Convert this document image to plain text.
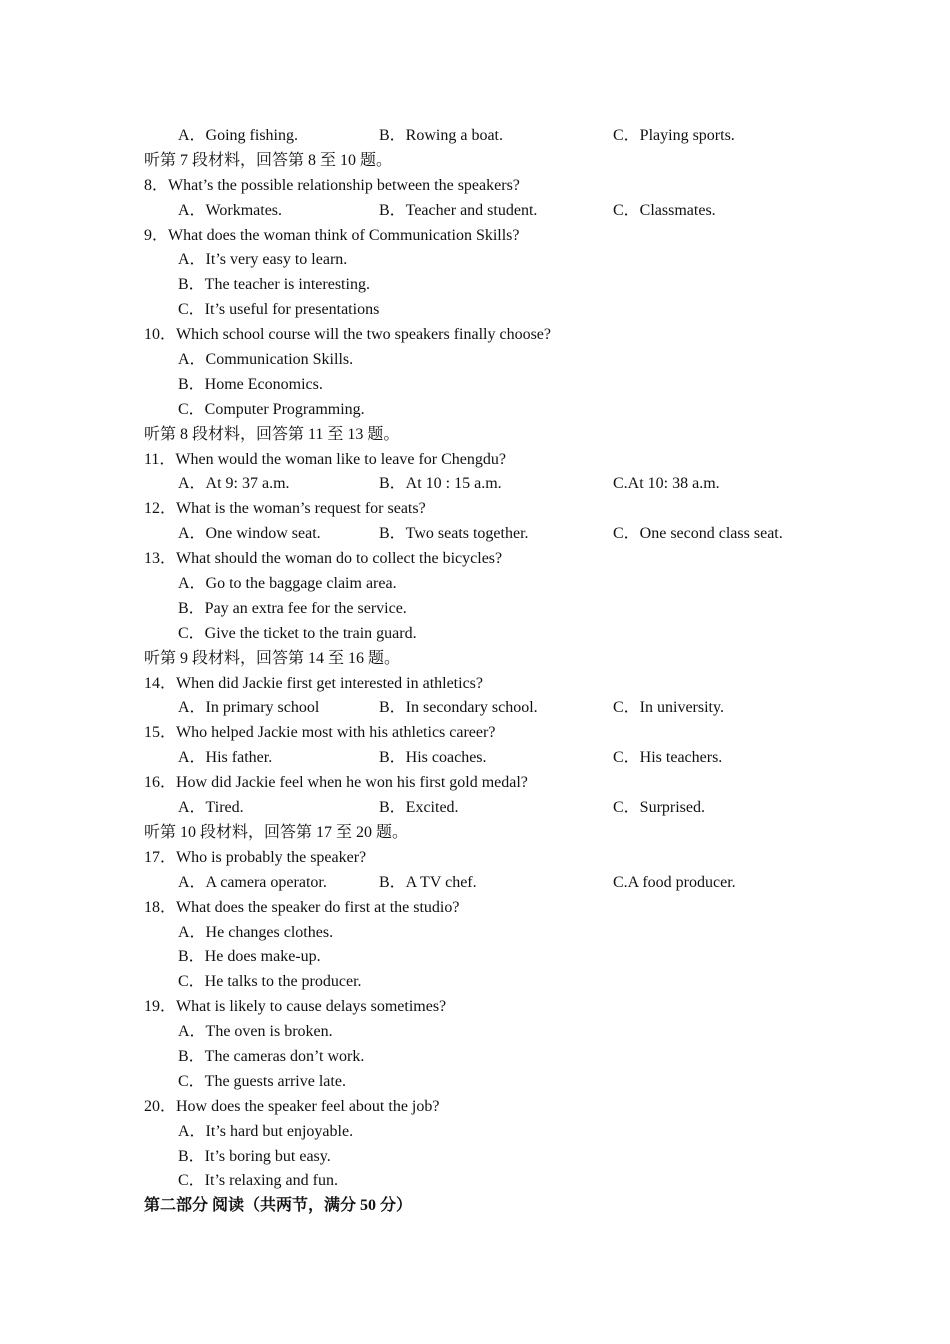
A．Going fishing.	B．Rowing a boat.	C．Playing sports.
听第 7 段材料，回答第 8 至 10 题。
8．What’s the possible relationship between the speakers?
A．Workmates.	B．Teacher and student.	C．Classmates.
9．What does the woman think of Communication Skills?
A．It’s very easy to learn.
B．The teacher is interesting.
C．It’s useful for presentations
10．Which school course will the two speakers finally choose?
A．Communication Skills.
B．Home Economics.
C．Computer Programming.
听第 8 段材料，回答第 11 至 13 题。
11．When would the woman like to leave for Chengdu?
A．At 9: 37 a.m.	B．At 10 : 15 a.m.	C.At 10: 38 a.m.
12．What is the woman’s request for seats?
A．One window seat.	B．Two seats together.	C．One second class seat.
13．What should the woman do to collect the bicycles?
A．Go to the baggage claim area.
B．Pay an extra fee for the service.
C．Give the ticket to the train guard.
听第 9 段材料，回答第 14 至 16 题。
14．When did Jackie first get interested in athletics?
A．In primary school	B．In secondary school.	C．In university.
15．Who helped Jackie most with his athletics career?
A．His father.	B．His coaches.	C．His teachers.
16．How did Jackie feel when he won his first gold medal?
A．Tired.	B．Excited.	C．Surprised.
听第 10 段材料，回答第 17 至 20 题。
17．Who is probably the speaker?
A．A camera operator.	B．A TV chef.	C.A food producer.
18．What does the speaker do first at the studio?
A．He changes clothes.
B．He does make-up.
C．He talks to the producer.
19．What is likely to cause delays sometimes?
A．The oven is broken.
B．The cameras don’t work.
C．The guests arrive late.
20．How does the speaker feel about the job?
A．It’s hard but enjoyable.
B．It’s boring but easy.
C．It’s relaxing and fun.
第二部分 阅读（共两节，满分 50 分）
